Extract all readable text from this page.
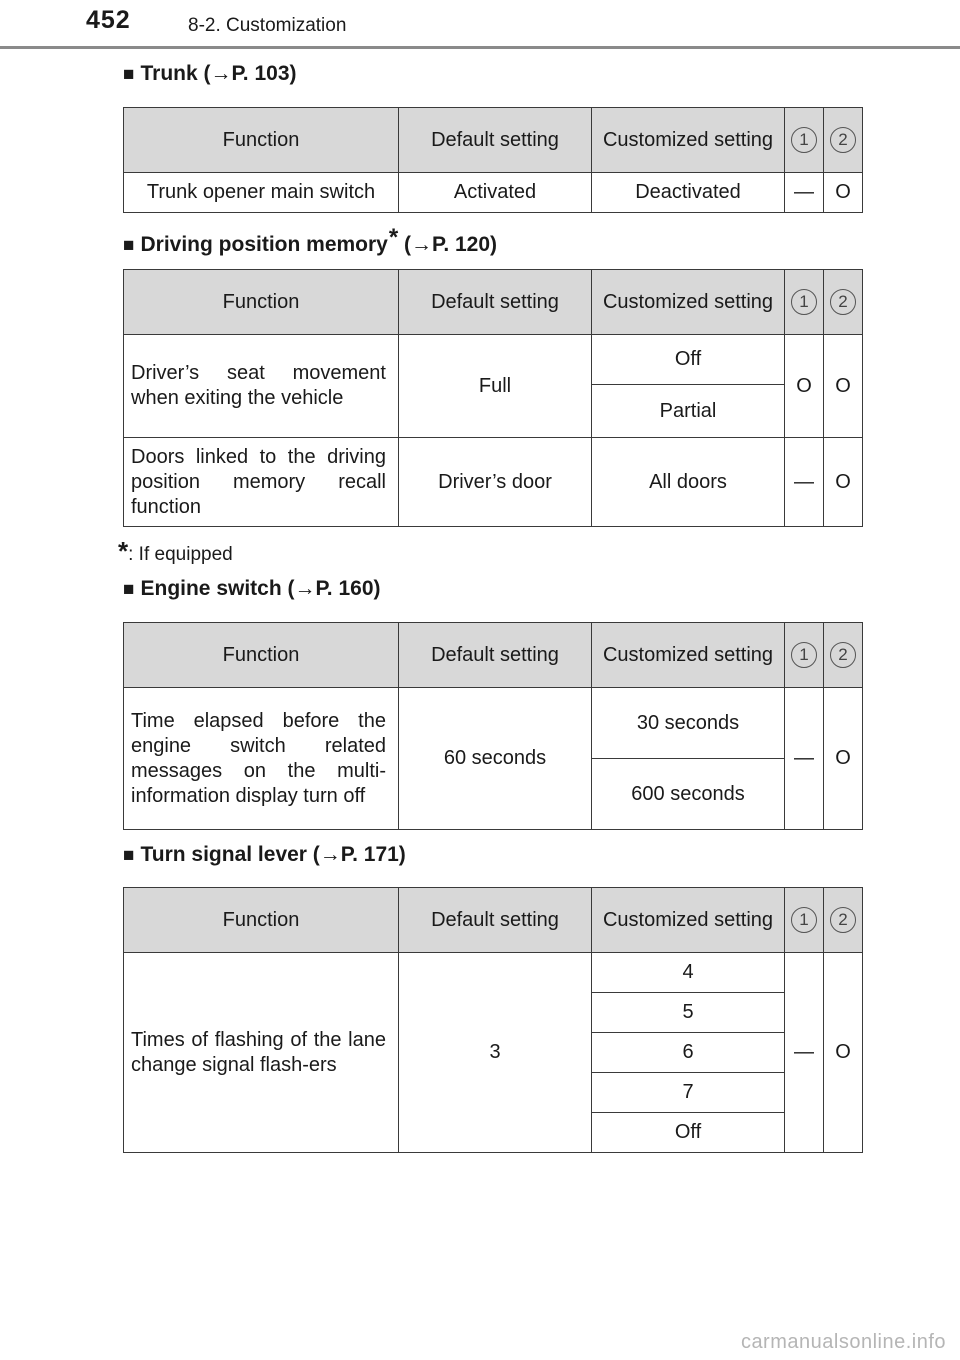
452	8-2. Customization
■ Trunk (→P. 103)
Function	Default setting	Customized setting	1	2
Trunk opener main switch	Activated	Deactivated	—	O
■ Driving position memory* (→P. 120)
Function	Default setting	Customized setting	1	2
Driver’s seat movement when exiting the vehicle	Full	Off	O	O
		Partial		
Doors linked to the driving position memory recall function	Driver’s door	All doors	—	O
*: If equipped
■ Engine switch (→P. 160)
Function	Default setting	Customized setting	1	2
Time elapsed before the engine switch related messages on the multi-information display turn off	60 seconds	30 seconds	—	O
		600 seconds		
■ Turn signal lever (→P. 171)
Function	Default setting	Customized setting	1	2
Times of flashing of the lane change signal flash-ers	3	4	—	O
		5		
		6		
		7		
		Off		
carmanualsonline.info
